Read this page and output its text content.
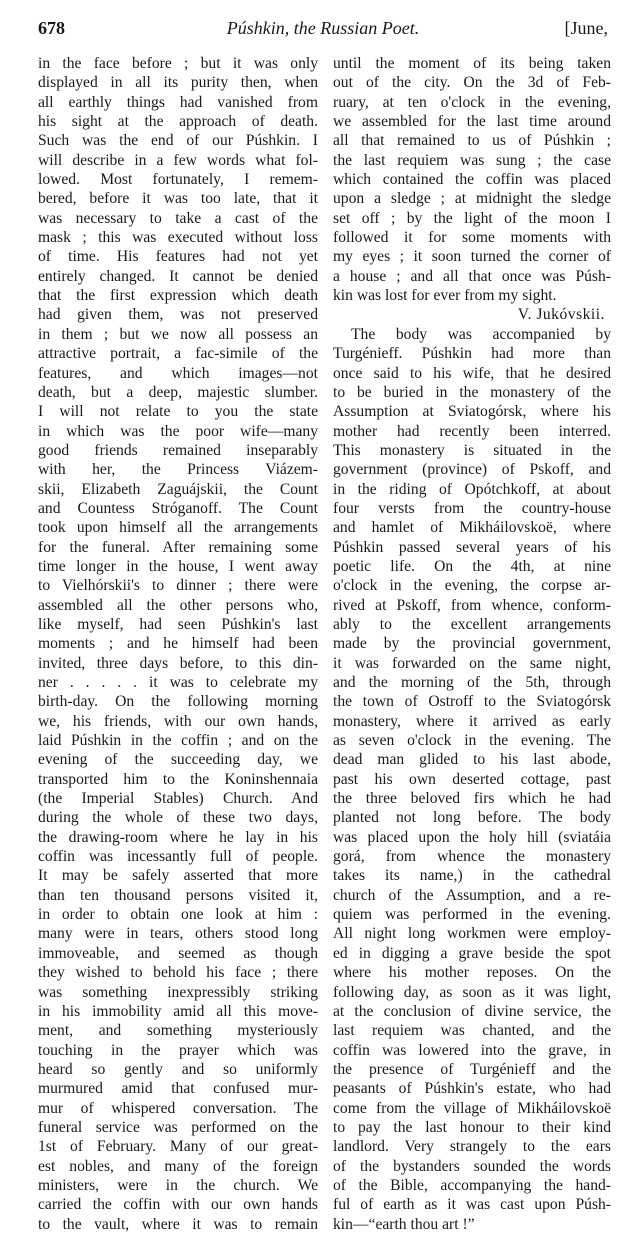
678	Púshkin, the Russian Poet.	[June,
in the face before ; but it was only
displayed in all its purity then, when
all earthly things had vanished from
his sight at the approach of death.
Such was the end of our Púshkin. I
will describe in a few words what fol-
lowed. Most fortunately, I remem-
bered, before it was too late, that it
was necessary to take a cast of the
mask ; this was executed without loss
of time. His features had not yet
entirely changed. It cannot be denied
that the first expression which death
had given them, was not preserved
in them ; but we now all possess an
attractive portrait, a fac-simile of the
features, and which images—not
death, but a deep, majestic slumber.
I will not relate to you the state
in which was the poor wife—many
good friends remained inseparably
with her, the Princess Viázem-
skii, Elizabeth Zaguájskii, the Count
and Countess Stróganoff. The Count
took upon himself all the arrangements
for the funeral. After remaining some
time longer in the house, I went away
to Vielhórskii's to dinner ; there were
assembled all the other persons who,
like myself, had seen Púshkin's last
moments ; and he himself had been
invited, three days before, to this din-
ner . . . . . it was to celebrate my
birth-day. On the following morning
we, his friends, with our own hands,
laid Púshkin in the coffin ; and on the
evening of the succeeding day, we
transported him to the Koninshennaia
(the Imperial Stables) Church. And
during the whole of these two days,
the drawing-room where he lay in his
coffin was incessantly full of people.
It may be safely asserted that more
than ten thousand persons visited it,
in order to obtain one look at him :
many were in tears, others stood long
immoveable, and seemed as though
they wished to behold his face ; there
was something inexpressibly striking
in his immobility amid all this move-
ment, and something mysteriously
touching in the prayer which was
heard so gently and so uniformly
murmured amid that confused mur-
mur of whispered conversation. The
funeral service was performed on the
1st of February. Many of our great-
est nobles, and many of the foreign
ministers, were in the church. We
carried the coffin with our own hands
to the vault, where it was to remain
until the moment of its being taken
out of the city. On the 3d of Feb-
ruary, at ten o'clock in the evening,
we assembled for the last time around
all that remained to us of Púshkin ;
the last requiem was sung ; the case
which contained the coffin was placed
upon a sledge ; at midnight the sledge
set off ; by the light of the moon I
followed it for some moments with
my eyes ; it soon turned the corner of
a house ; and all that once was Púsh-
kin was lost for ever from my sight.
V. Jukóvskii.
The body was accompanied by
Turgénieff. Púshkin had more than
once said to his wife, that he desired
to be buried in the monastery of the
Assumption at Sviatogórsk, where his
mother had recently been interred.
This monastery is situated in the
government (province) of Pskoff, and
in the riding of Opótchkoff, at about
four versts from the country-house
and hamlet of Mikháilovskoë, where
Púshkin passed several years of his
poetic life. On the 4th, at nine
o'clock in the evening, the corpse ar-
rived at Pskoff, from whence, conform-
ably to the excellent arrangements
made by the provincial government,
it was forwarded on the same night,
and the morning of the 5th, through
the town of Ostroff to the Sviatogórsk
monastery, where it arrived as early
as seven o'clock in the evening. The
dead man glided to his last abode,
past his own deserted cottage, past
the three beloved firs which he had
planted not long before. The body
was placed upon the holy hill (sviatáia
gorá, from whence the monastery
takes its name,) in the cathedral
church of the Assumption, and a re-
quiem was performed in the evening.
All night long workmen were employ-
ed in digging a grave beside the spot
where his mother reposes. On the
following day, as soon as it was light,
at the conclusion of divine service, the
last requiem was chanted, and the
coffin was lowered into the grave, in
the presence of Turgénieff and the
peasants of Púshkin's estate, who had
come from the village of Mikháilovskoë
to pay the last honour to their kind
landlord. Very strangely to the ears
of the bystanders sounded the words
of the Bible, accompanying the hand-
ful of earth as it was cast upon Púsh-
kin—“earth thou art !”
